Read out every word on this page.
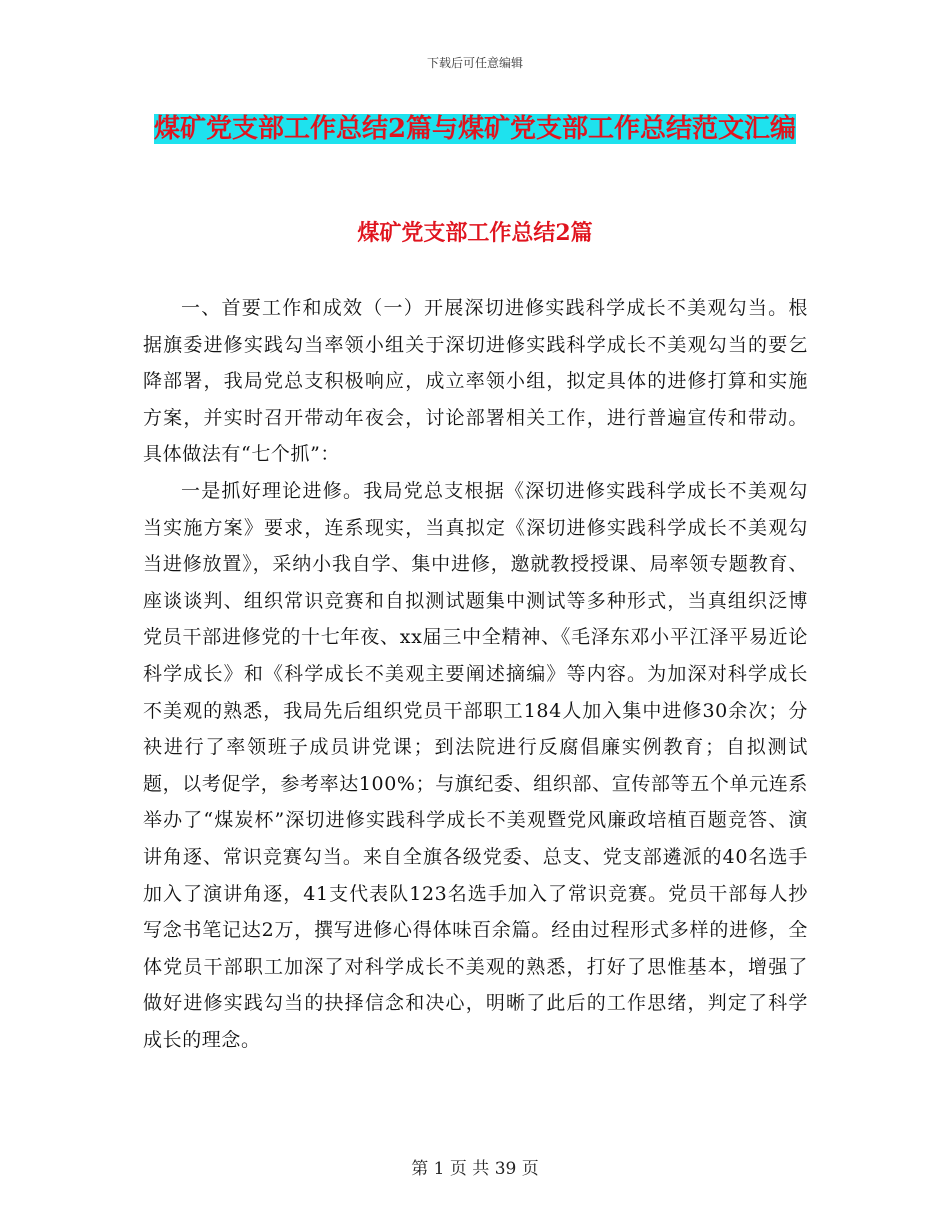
下载后可任意编辑
煤矿党支部工作总结2篇与煤矿党支部工作总结范文汇编
煤矿党支部工作总结2篇

一、首要工作和成效（一）开展深切进修实践科学成长不美观勾当。根据旗委进修实践勾当率领小组关于深切进修实践科学成长不美观勾当的要乞降部署，我局党总支积极响应，成立率领小组，拟定具体的进修打算和实施方案，并实时召开带动年夜会，讨论部署相关工作，进行普遍宣传和带动。具体做法有“七个抓”：

一是抓好理论进修。我局党总支根据《深切进修实践科学成长不美观勾当实施方案》要求，连系现实，当真拟定《深切进修实践科学成长不美观勾当进修放置》，采纳小我自学、集中进修，邀就教授授课、局率领专题教育、座谈谈判、组织常识竞赛和自拟测试题集中测试等多种形式，当真组织泛博党员干部进修党的十七年夜、xx届三中全精神、《毛泽东邓小平江泽平易近论科学成长》和《科学成长不美观主要阐述摘编》等内容。为加深对科学成长不美观的熟悉，我局先后组织党员干部职工184人加入集中进修30余次；分袂进行了率领班子成员讲党课；到法院进行反腐倡廉实例教育；自拟测试题，以考促学，参考率达100%；与旗纪委、组织部、宣传部等五个单元连系举办了“煤炭杯”深切进修实践科学成长不美观暨党风廉政培植百题竞答、演讲角逐、常识竞赛勾当。来自全旗各级党委、总支、党支部遴派的40名选手加入了演讲角逐，41支代表队123名选手加入了常识竞赛。党员干部每人抄写念书笔记达2万，撰写进修心得体味百余篇。经由过程形式多样的进修，全体党员干部职工加深了对科学成长不美观的熟悉，打好了思惟基本，增强了做好进修实践勾当的抉择信念和决心，明晰了此后的工作思绪，判定了科学成长的理念。

第 1 页 共 39 页
